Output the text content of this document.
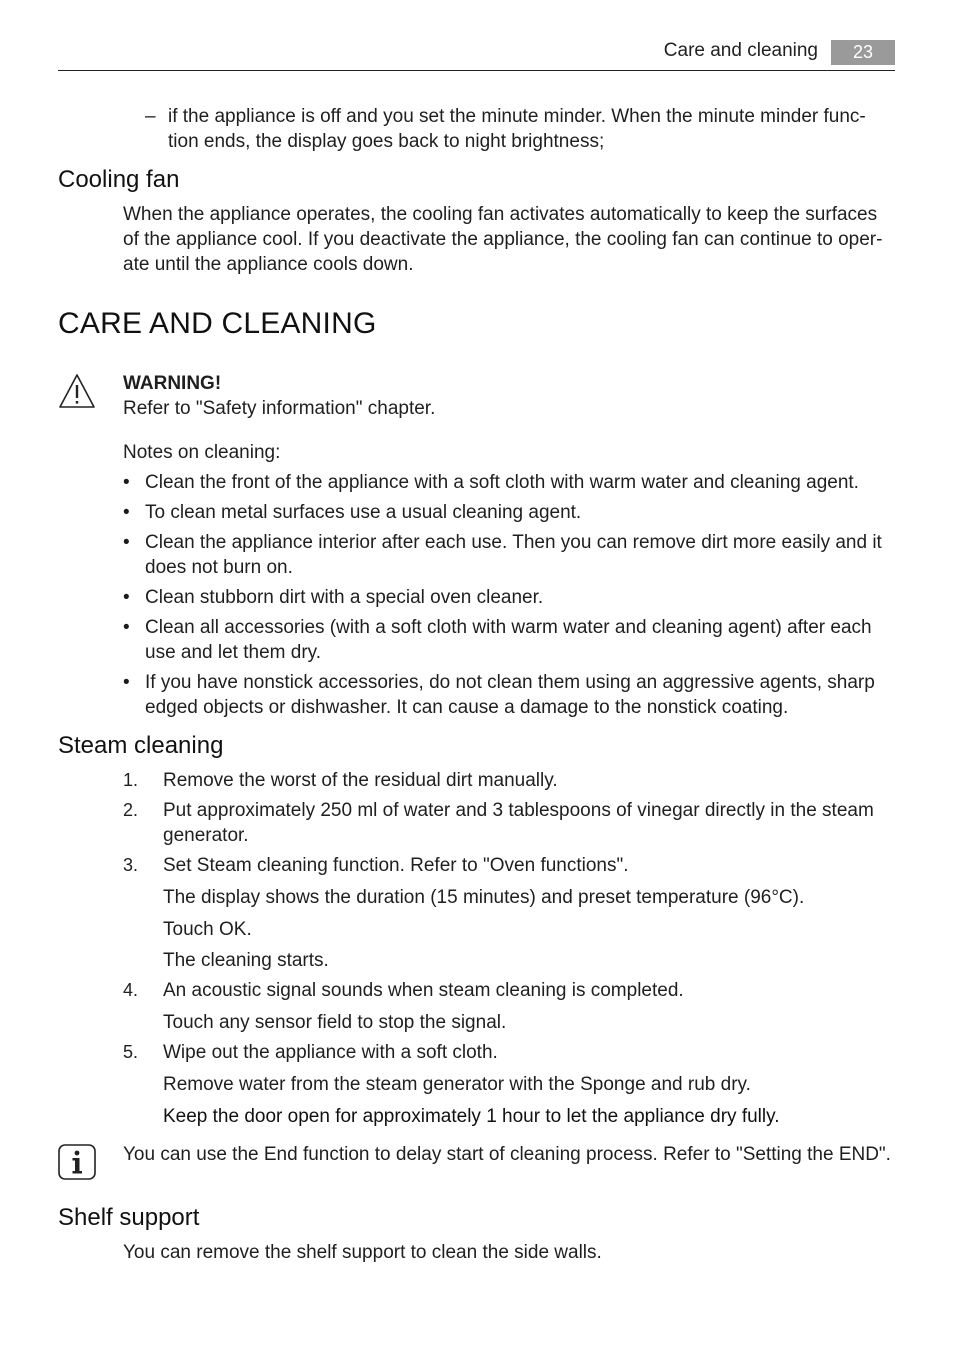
Care and cleaning	23
– if the appliance is off and you set the minute minder. When the minute minder func-tion ends, the display goes back to night brightness;
Cooling fan
When the appliance operates, the cooling fan activates automatically to keep the surfaces of the appliance cool. If you deactivate the appliance, the cooling fan can continue to oper-ate until the appliance cools down.
CARE AND CLEANING
WARNING!
Refer to "Safety information" chapter.
Notes on cleaning:
• Clean the front of the appliance with a soft cloth with warm water and cleaning agent.
• To clean metal surfaces use a usual cleaning agent.
• Clean the appliance interior after each use. Then you can remove dirt more easily and it does not burn on.
• Clean stubborn dirt with a special oven cleaner.
• Clean all accessories (with a soft cloth with warm water and cleaning agent) after each use and let them dry.
• If you have nonstick accessories, do not clean them using an aggressive agents, sharp edged objects or dishwasher. It can cause a damage to the nonstick coating.
Steam cleaning
1. Remove the worst of the residual dirt manually.
2. Put approximately 250 ml of water and 3 tablespoons of vinegar directly in the steam generator.
3. Set Steam cleaning function. Refer to "Oven functions".
The display shows the duration (15 minutes) and preset temperature (96°C).
Touch OK.
The cleaning starts.
4. An acoustic signal sounds when steam cleaning is completed.
Touch any sensor field to stop the signal.
5. Wipe out the appliance with a soft cloth.
Remove water from the steam generator with the Sponge and rub dry.
Keep the door open for approximately 1 hour to let the appliance dry fully.
You can use the End function to delay start of cleaning process. Refer to "Setting the END".
Shelf support
You can remove the shelf support to clean the side walls.
